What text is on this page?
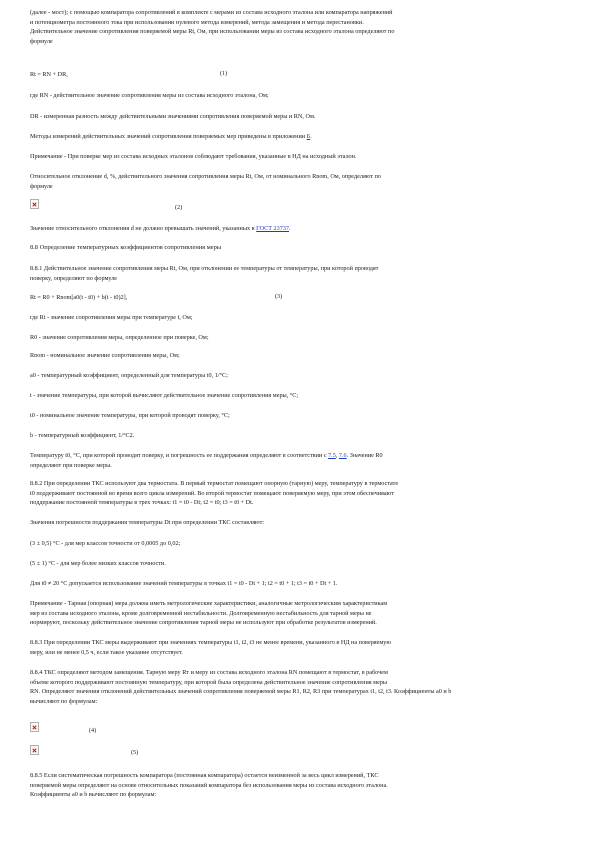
(далее - мост); с помощью компаратора сопротивлений в комплекте с мерами из состава исходного эталона или компаратора напряжений
и потенциометра постоянного тока при использовании нулевого метода измерений, метода замещения и метода перестановки.
Действительное значение сопротивления поверяемой меры Rt, Ом, при использовании меры из состава исходного эталона определяют по
формуле
Rt = RN + DR,	(1)
где RN - действительное значение сопротивления меры из состава исходного эталона, Ом;
DR - измеренная разность между действительными значениями сопротивления поверяемой меры и RN, Ом.
Методы измерений действительных значений сопротивления поверяемых мер приведены в приложении Б.
Примечание - При поверке мер из состава исходных эталонов соблюдают требования, указанные в НД на исходный эталон.
Относительное отклонение d, %, действительного значения сопротивления меры Rt, Ом, от номинального Rnom, Ом, определяют по
формуле
(2)
Значение относительного отклонения d не должно превышать значений, указанных в ГОСТ 23737.
8.8 Определение температурных коэффициентов сопротивления меры
8.8.1 Действительное значение сопротивления меры Rt, Ом, при отклонении ее температуры от температуры, при которой проводят
поверку, определяют по формуле
Rt = R0 + Rnom[a0(t - t0) + b(t - t0)2],	(3)
где Rt - значение сопротивления меры при температуре t, Ом;
R0 - значение сопротивления меры, определенное при поверке, Ом;
Rnom - номинальное значение сопротивления меры, Ом;
a0 - температурный коэффициент, определенный для температуры t0, 1/°С;
t - значение температуры, при которой вычисляют действительное значение сопротивления меры, °С;
t0 - номинальное значение температуры, при которой проводят поверку, °С;
b - температурный коэффициент, 1/°С2.
Температуру t0, °С, при которой проводят поверку, и погрешность ее поддержания определяют в соответствии с 7.5, 7.6. Значение R0
определяют при поверке меры.
8.8.2 При определении ТКС используют два термостата. В первый термостат помещают опорную (тарную) меру, температуру в термостате
t0 поддерживают постоянной во время всего цикла измерений. Во второй термостат помещают поверяемую меру, при этом обеспечивают
поддержание постоянной температуры в трех точках: t1 = t0 - Dt; t2 = t0; t3 = t0 + Dt.
Значения погрешности поддержания температуры Dt при определении ТКС составляют:
(3 ± 0,5) °С - для мер классов точности от 0,0005 до 0,02;
(5 ± 1) °С - для мер более низких классов точности.
Для t0 ≠ 20 °С допускается использование значений температуры в точках t1 = t0 - Dt + 1; t2 = t0 + 1; t3 = t0 + Dt + 1.
Примечание - Тарная (опорная) мера должна иметь метрологические характеристики, аналогичные метрологическим характеристикам
мер из состава исходного эталона, кроме долговременной нестабильности. Долговременную нестабильность для тарной меры не
нормируют, поскольку действительное значение сопротивления тарной меры не используют при обработке результатов измерений.
8.8.3 При определении ТКС меры выдерживают при значениях температуры t1, t2, t3 не менее времени, указанного в НД на поверяемую
меру, или не менее 0,5 ч, если такое указание отсутствует.
8.8.4 ТКС определяют методом замещения. Тарную меру Rт и меру из состава исходного эталона RN помещают в термостат, в рабочем
объеме которого поддерживают постоянную температуру, при которой была определена действительное значение сопротивления меры
RN. Определяют значения отклонений действительных значений сопротивления поверяемой меры R1, R2, R3 при температурах t1, t2, t3. Коэффициенты a0 и b
вычисляют по формулам:
(4)
(5)
8.8.5 Если систематическая погрешность компаратора (постоянная компаратора) остается неизменной за весь цикл измерений, ТКС
поверяемой меры определяют на основе относительных показаний компаратора без использования меры из состава исходного эталона.
Коэффициенты a0 и b вычисляют по формулам:
